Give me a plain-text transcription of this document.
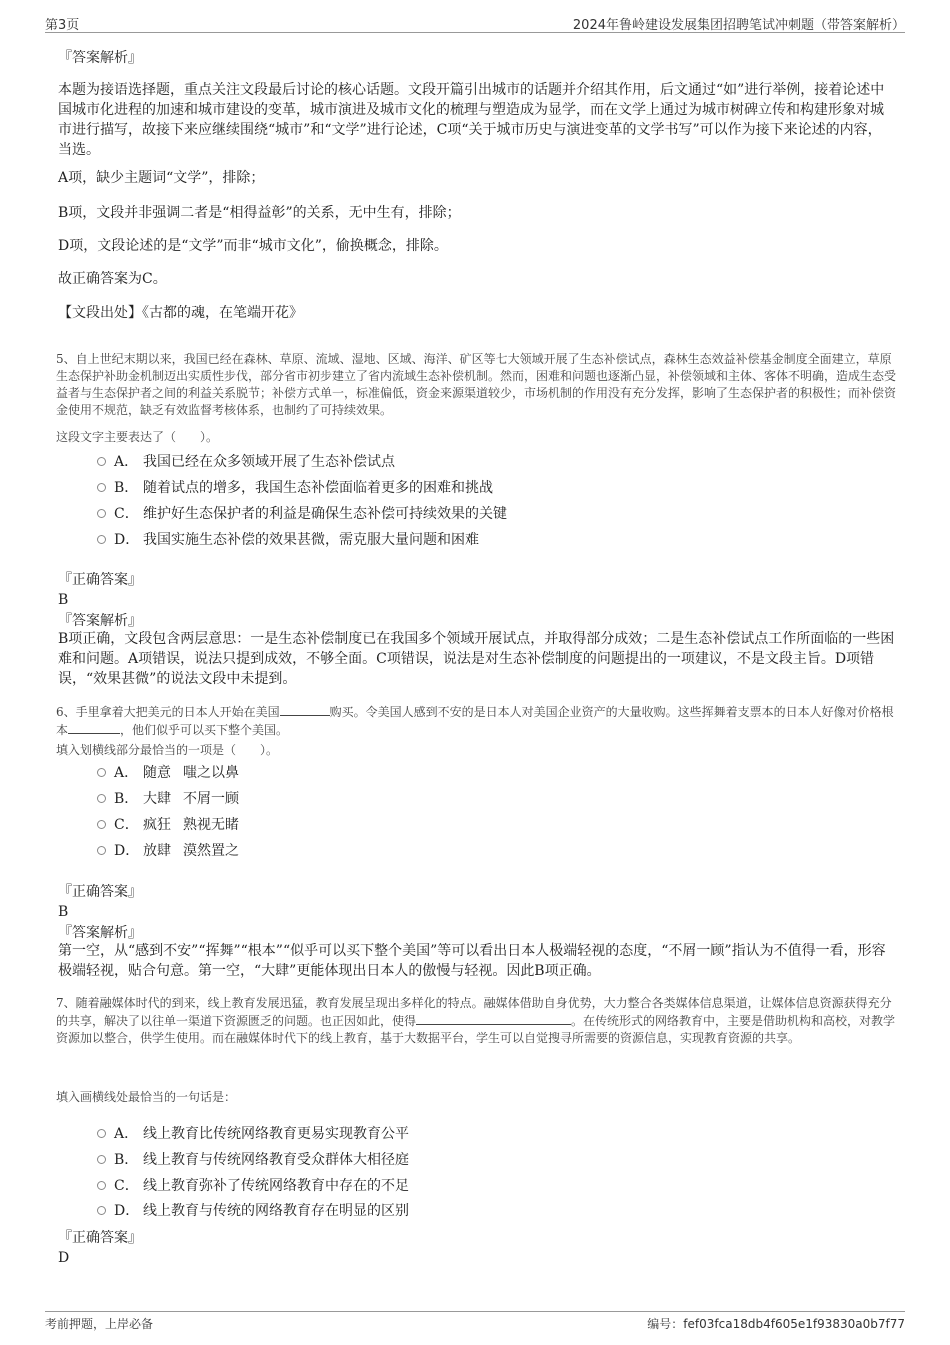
第3页	2024年鲁岭建设发展集团招聘笔试冲刺题（带答案解析）
『答案解析』
本题为接语选择题，重点关注文段最后讨论的核心话题。文段开篇引出城市的话题并介绍其作用，后文通过“如”进行举例，接着论述中国城市化进程的加速和城市建设的变革，城市演进及城市文化的梳理与塑造成为显学，而在文学上通过为城市树碑立传和构建形象对城市进行描写，故接下来应继续围绕“城市”和“文学”进行论述，C项“关于城市历史与演进变革的文学书写”可以作为接下来论述的内容，当选。
A项，缺少主题词“文学”，排除；
B项，文段并非强调二者是“相得益彰”的关系，无中生有，排除；
D项，文段论述的是“文学”而非“城市文化”，偷换概念，排除。
故正确答案为C。
【文段出处】《古都的魂，在笔端开花》
5、自上世纪末期以来，我国已经在森林、草原、流域、湿地、区域、海洋、矿区等七大领域开展了生态补偿试点，森林生态效益补偿基金制度全面建立，草原生态保护补助金机制迈出实质性步伐，部分省市初步建立了省内流域生态补偿机制。然而，困难和问题也逐渐凸显，补偿领域和主体、客体不明确，造成生态受益者与生态保护者之间的利益关系脱节；补偿方式单一，标准偏低，资金来源渠道较少，市场机制的作用没有充分发挥，影响了生态保护者的积极性；而补偿资金使用不规范，缺乏有效监督考核体系，也制约了可持续效果。
这段文字主要表达了（　　）。
A． 我国已经在众多领域开展了生态补偿试点
B． 随着试点的增多，我国生态补偿面临着更多的困难和挑战
C． 维护好生态保护者的利益是确保生态补偿可持续效果的关键
D． 我国实施生态补偿的效果甚微，需克服大量问题和困难
『正确答案』
B
『答案解析』
B项正确，文段包含两层意思：一是生态补偿制度已在我国多个领域开展试点，并取得部分成效；二是生态补偿试点工作所面临的一些困难和问题。A项错误，说法只提到成效，不够全面。C项错误，说法是对生态补偿制度的问题提出的一项建议，不是文段主旨。D项错误，“效果甚微”的说法文段中未提到。
6、手里拿着大把美元的日本人开始在美国	购买。令美国人感到不安的是日本人对美国企业资产的大量收购。这些挥舞着支票本的日本人好像对价格根本	，他们似乎可以买下整个美国。
填入划横线部分最恰当的一项是（　　）。
A． 随意 嗤之以鼻
B． 大肆 不屑一顾
C． 疯狂 熟视无睹
D． 放肆 漠然置之
『正确答案』
B
『答案解析』
第一空，从“感到不安”“挥舞”“根本”“似乎可以买下整个美国”等可以看出日本人极端轻视的态度，“不屑一顾”指认为不值得一看，形容极端轻视，贴合句意。第一空，“大肆”更能体现出日本人的傲慢与轻视。因此B项正确。
7、随着融媒体时代的到来，线上教育发展迅猛，教育发展呈现出多样化的特点。融媒体借助自身优势，大力整合各类媒体信息渠道，让媒体信息资源获得充分的共享，解决了以往单一渠道下资源匮乏的问题。也正因如此，使得	。在传统形式的网络教育中，主要是借助机构和高校，对教学资源加以整合，供学生使用。而在融媒体时代下的线上教育，基于大数据平台，学生可以自觉搜寻所需要的资源信息，实现教育资源的共享。
填入画横线处最恰当的一句话是：
A． 线上教育比传统网络教育更易实现教育公平
B． 线上教育与传统网络教育受众群体大相径庭
C． 线上教育弥补了传统网络教育中存在的不足
D． 线上教育与传统的网络教育存在明显的区别
『正确答案』
D
考前押题，上岸必备	编号：fef03fca18db4f605e1f93830a0b7f77
